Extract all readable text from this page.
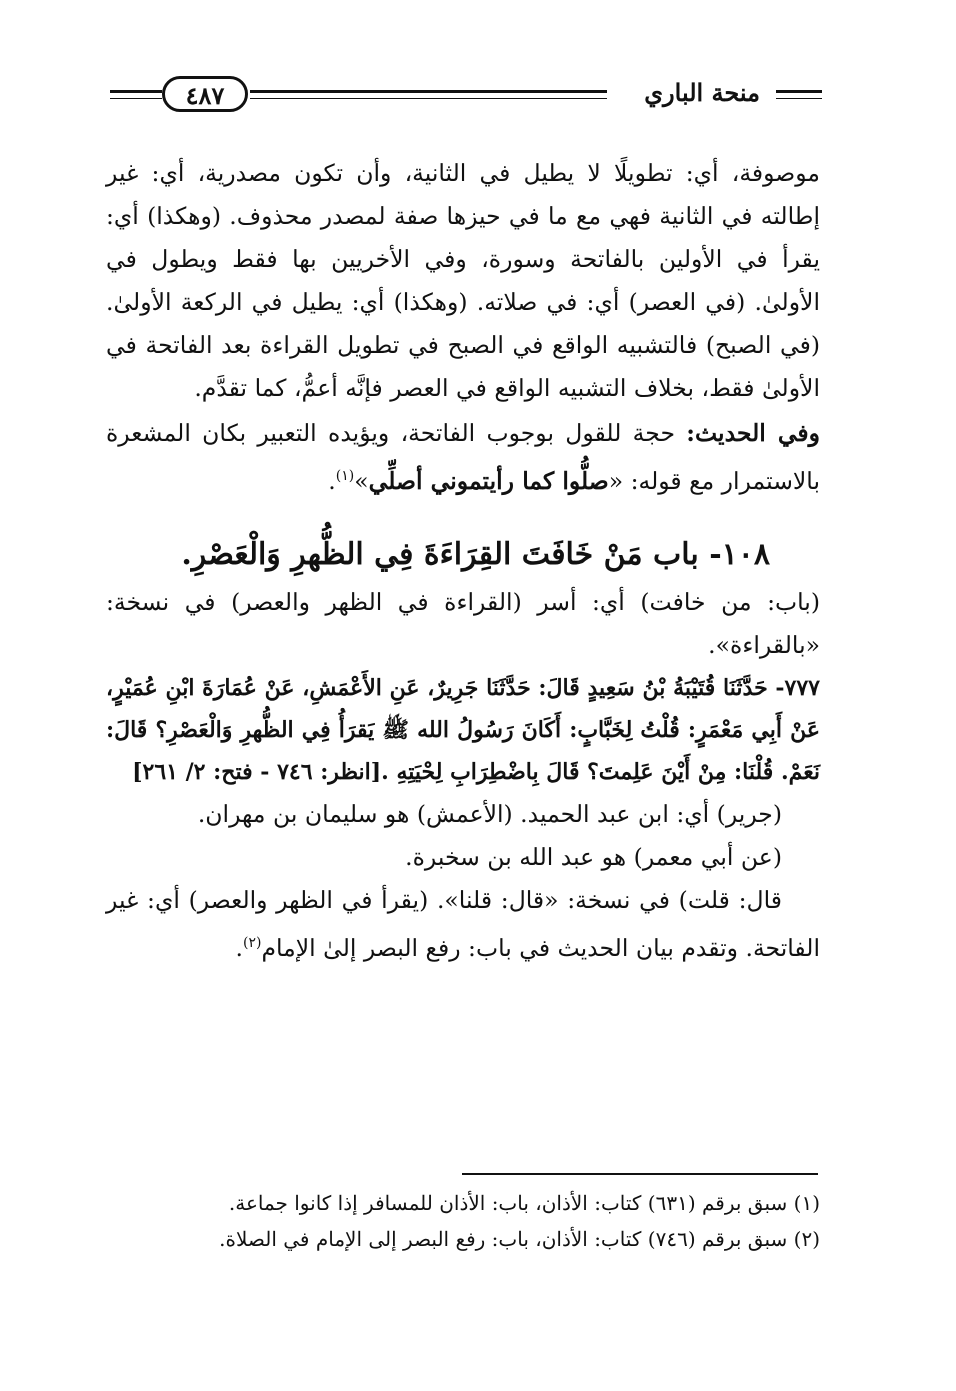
منحة الباري
٤٨٧

موصوفة، أي: تطويلًا لا يطيل في الثانية، وأن تكون مصدرية، أي: غير إطالته في الثانية فهي مع ما في حيزها صفة لمصدر محذوف. (وهكذا) أي: يقرأ في الأولين بالفاتحة وسورة، وفي الأخريين بها فقط ويطول في الأولىٰ. (في العصر) أي: في صلاته. (وهكذا) أي: يطيل في الركعة الأولىٰ. (في الصبح) فالتشبيه الواقع في الصبح في تطويل القراءة بعد الفاتحة في الأولىٰ فقط، بخلاف التشبيه الواقع في العصر فإنَّه أعمُّ، كما تقدَّم.

وفي الحديث: حجة للقول بوجوب الفاتحة، ويؤيده التعبير بكان المشعرة بالاستمرار مع قوله: «صلُّوا كما رأيتموني أصلِّي»$^{(١)}$.

١٠٨- باب مَنْ خَافَتَ القِرَاءَةَ فِي الظُّهرِ وَالْعَصْرِ.

(باب: من خافت) أي: أسر (القراءة في الظهر والعصر) في نسخة: «بالقراءة».

٧٧٧- حَدَّثَنَا قُتَيْبَةُ بْنُ سَعِيدٍ قَالَ: حَدَّثَنَا جَرِيرٌ، عَنِ الأَعْمَشِ، عَنْ عُمَارَةَ ابْنِ عُمَيْرٍ، عَنْ أَبِي مَعْمَرٍ: قُلْتُ لِخَبَّابٍ: أَكَانَ رَسُولُ الله ﷺ يَقرَأُ فِي الظُّهرِ وَالْعَصْرِ؟ قَالَ: نَعَمْ. قُلْنَا: مِنْ أَيْنَ عَلِمتَ؟ قَالَ بِاضْطِرَابِ لِحْيَتِهِ .[انظر: ٧٤٦ - فتح: ٢/ ٢٦١]

(جرير) أي: ابن عبد الحميد. (الأعمش) هو سليمان بن مهران.

(عن أبي معمر) هو عبد الله بن سخبرة.

قال: قلت) في نسخة: «قال: قلنا». (يقرأ في الظهر والعصر) أي: غير الفاتحة. وتقدم بيان الحديث في باب: رفع البصر إلىٰ الإمام$^{(٢)}$.

(١) سبق برقم (٦٣١) كتاب: الأذان، باب: الأذان للمسافر إذا كانوا جماعة.

(٢) سبق برقم (٧٤٦) كتاب: الأذان، باب: رفع البصر إلى الإمام في الصلاة.
